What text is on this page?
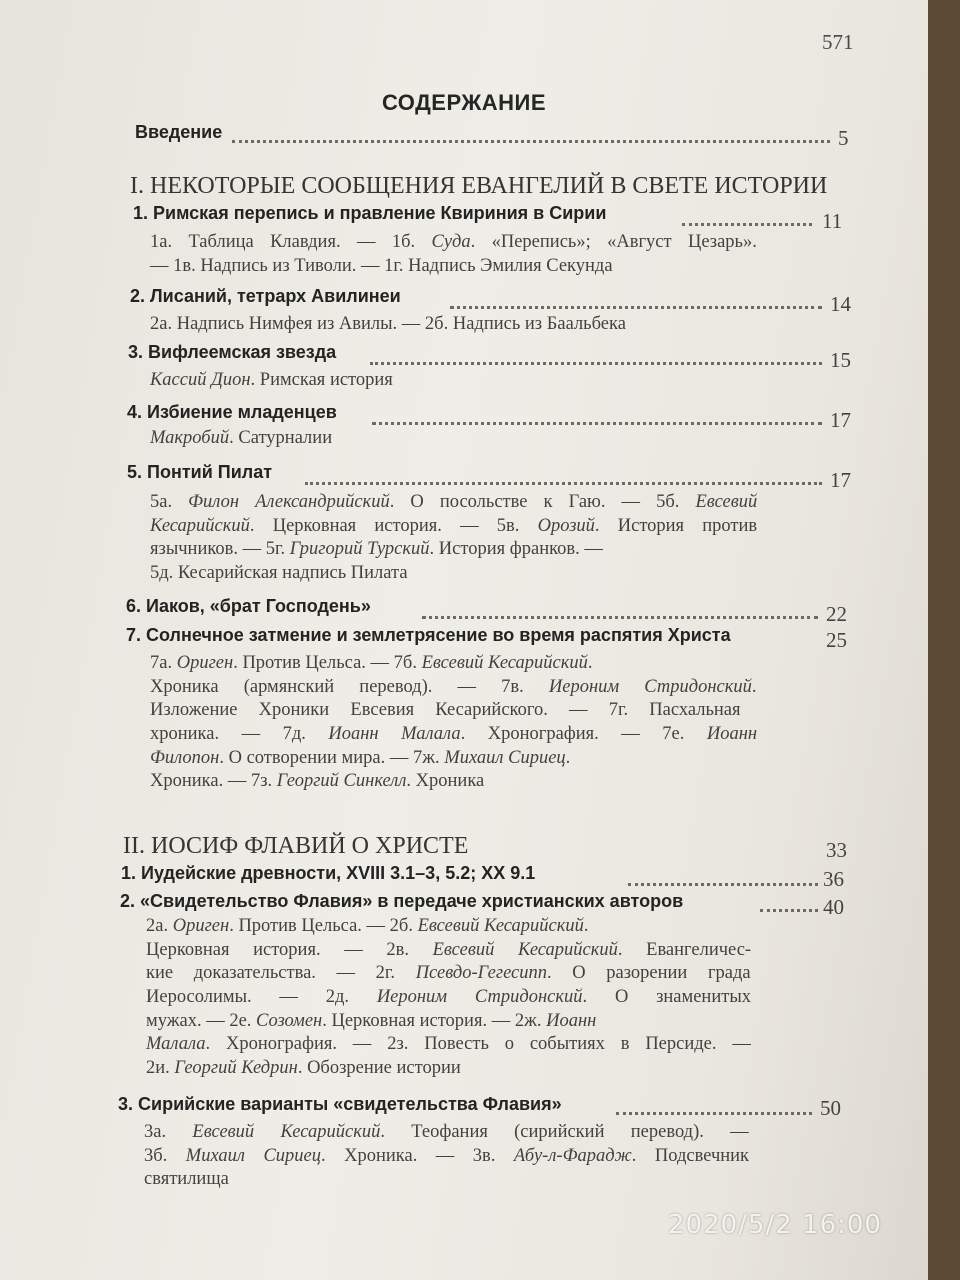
571
СОДЕРЖАНИЕ
Введение	5
I. НЕКОТОРЫЕ СООБЩЕНИЯ ЕВАНГЕЛИЙ В СВЕТЕ ИСТОРИИ
1. Римская перепись и правление Квириния в Сирии	11
1а. Таблица Клавдия. — 1б. Суда. «Перепись»; «Август Цезарь».
— 1в. Надпись из Тиволи. — 1г. Надпись Эмилия Секунда
2. Лисаний, тетрарх Авилинеи	14
2а. Надпись Нимфея из Авилы. — 2б. Надпись из Баальбека
3. Вифлеемская звезда	15
Кассий Дион. Римская история
4. Избиение младенцев	17
Макробий. Сатурналии
5. Понтий Пилат	17
5а. Филон Александрийский. О посольстве к Гаю. — 5б. Евсевий
Кесарийский. Церковная история. — 5в. Орозий. История против
язычников. — 5г. Григорий Турский. История франков. —
5д. Кесарийская надпись Пилата
6. Иаков, «брат Господень»	22
7. Солнечное затмение и землетрясение во время распятия Христа	25
7а. Ориген. Против Цельса. — 7б. Евсевий Кесарийский.
Хроника (армянский перевод). — 7в. Иероним Стридонский.
Изложение Хроники Евсевия Кесарийского. — 7г. Пасхальная
хроника. — 7д. Иоанн Малала. Хронография. — 7е. Иоанн
Филопон. О сотворении мира. — 7ж. Михаил Сириец.
Хроника. — 7з. Георгий Синкелл. Хроника
II. ИОСИФ ФЛАВИЙ О ХРИСТЕ	33
1. Иудейские древности, XVIII 3.1–3, 5.2; XX 9.1	36
2. «Свидетельство Флавия» в передаче христианских авторов	40
2а. Ориген. Против Цельса. — 2б. Евсевий Кесарийский.
Церковная история. — 2в. Евсевий Кесарийский. Евангеличес-
кие доказательства. — 2г. Псевдо-Гегесипп. О разорении града
Иеросолимы. — 2д. Иероним Стридонский. О знаменитых
мужах. — 2е. Созомен. Церковная история. — 2ж. Иоанн
Малала. Хронография. — 2з. Повесть о событиях в Персиде. —
2и. Георгий Кедрин. Обозрение истории
3. Сирийские варианты «свидетельства Флавия»	50
3а. Евсевий Кесарийский. Теофания (сирийский перевод). —
3б. Михаил Сириец. Хроника. — 3в. Абу-л-Фарадж. Подсвечник
святилища
2020/5/2 16:00
